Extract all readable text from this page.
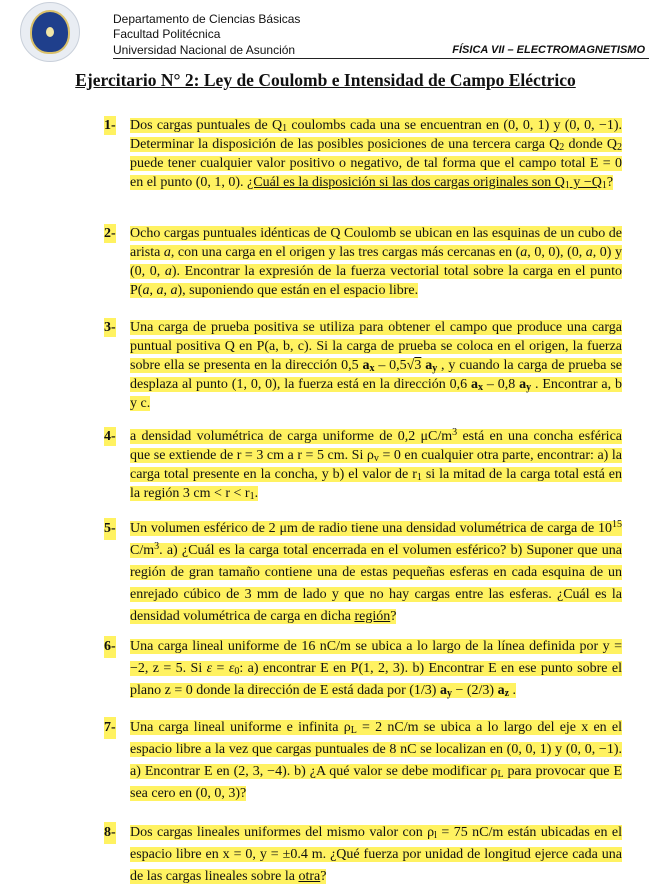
Departamento de Ciencias Básicas
Facultad Politécnica
Universidad Nacional de Asunción	FÍSICA VII – ELECTROMAGNETISMO
Ejercitario N° 2: Ley de Coulomb e Intensidad de Campo Eléctrico
1- Dos cargas puntuales de $Q_1$ coulombs cada una se encuentran en (0, 0, 1) y (0, 0, −1). Determinar la disposición de las posibles posiciones de una tercera carga $Q_2$ donde $Q_2$ puede tener cualquier valor positivo o negativo, de tal forma que el campo total E = 0 en el punto (0, 1, 0). ¿Cuál es la disposición si las dos cargas originales son $Q_1$ $y -Q_1$?
2- Ocho cargas puntuales idénticas de Q Coulomb se ubican en las esquinas de un cubo de arista a, con una carga en el origen y las tres cargas más cercanas en (a, 0, 0), (0, a, 0) y (0, 0, a). Encontrar la expresión de la fuerza vectorial total sobre la carga en el punto P(a, a, a), suponiendo que están en el espacio libre.
3- Una carga de prueba positiva se utiliza para obtener el campo que produce una carga puntual positiva Q en P(a, b, c). Si la carga de prueba se coloca en el origen, la fuerza sobre ella se presenta en la dirección 0,5 $a_x - 0,5√3$ $a_y$ , y cuando la carga de prueba se desplaza al punto (1, 0, 0), la fuerza está en la dirección 0,6 $a_x - 0,8$ $a_y$ . Encontrar a, b y c.
4- a densidad volumétrica de carga uniforme de 0,2 $\mu C/m^3$ está en una concha esférica que se extiende de r = 3 cm a r = 5 cm. Si $\rho_v = 0$ en cualquier otra parte, encontrar: a) la carga total presente en la concha, y b) el valor de $r_1$ si la mitad de la carga total está en la región 3 cm < $r < r_1$.
5- Un volumen esférico de 2 μm de radio tiene una densidad volumétrica de carga de $10^{15}$ $C/m^3$. a) ¿Cuál es la carga total encerrada en el volumen esférico? b) Suponer que una región de gran tamaño contiene una de estas pequeñas esferas en cada esquina de un enrejado cúbico de 3 mm de lado y que no hay cargas entre las esferas. ¿Cuál es la densidad volumétrica de carga en dicha región?
6- Una carga lineal uniforme de 16 nC/m se ubica a lo largo de la línea definida por y = −2, z = 5. Si $\varepsilon = \varepsilon_0$: a) encontrar E en P(1, 2, 3). b) Encontrar E en ese punto sobre el plano z = 0 donde la dirección de E está dada por (1/3) $a_y - (2/3)$ $a_z$ .
7- Una carga lineal uniforme e infinita $\rho_L = 2$ nC/m se ubica a lo largo del eje x en el espacio libre a la vez que cargas puntuales de 8 nC se localizan en (0, 0, 1) y (0, 0, −1). a) Encontrar E en (2, 3, −4). b) ¿A qué valor se debe modificar $\rho_L$ para provocar que E sea cero en (0, 0, 3)?
8- Dos cargas lineales uniformes del mismo valor con $\rho_l = 75$ nC/m están ubicadas en el espacio libre en x = 0, y = ±0.4 m. ¿Qué fuerza por unidad de longitud ejerce cada una de las cargas lineales sobre la otra?
